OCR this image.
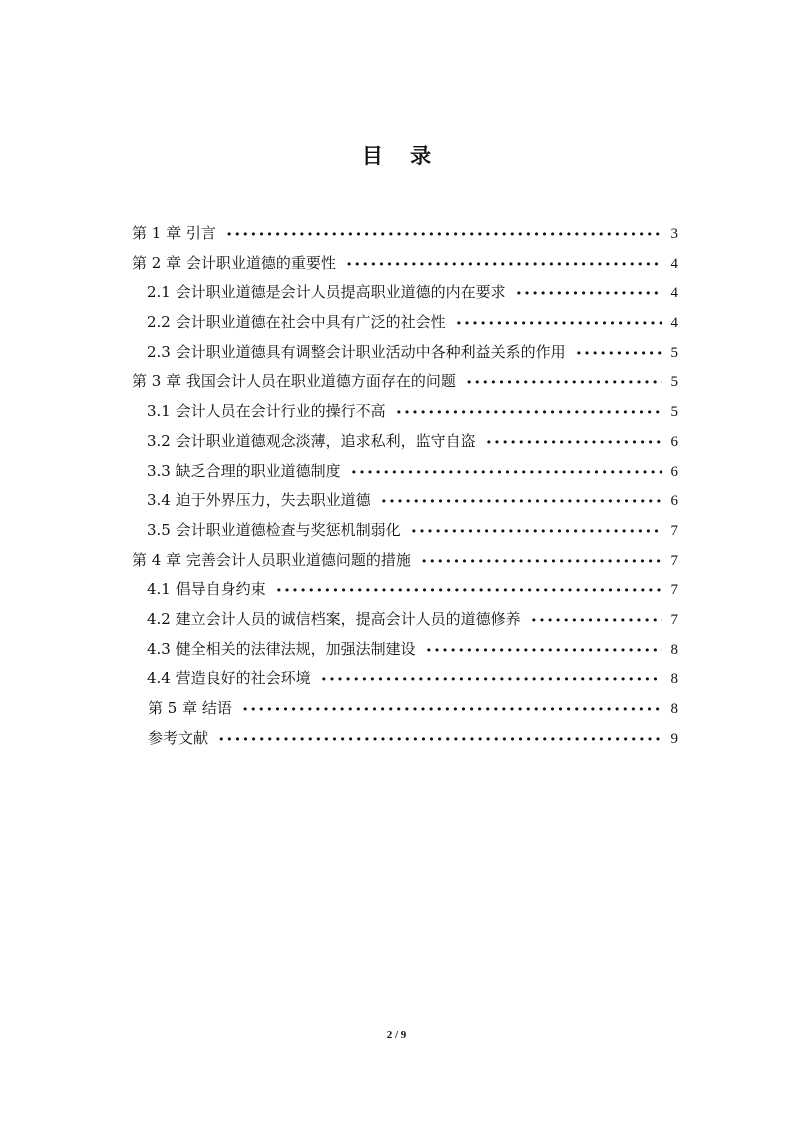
目 录
第 1 章 引言 •••••	3
第 2 章 会计职业道德的重要性 •••••	4
2.1 会计职业道德是会计人员提高职业道德的内在要求 •••••	4
2.2 会计职业道德在社会中具有广泛的社会性 •••••	4
2.3 会计职业道德具有调整会计职业活动中各种利益关系的作用 •••••	5
第 3 章 我国会计人员在职业道德方面存在的问题 •••••	5
3.1 会计人员在会计行业的操行不高 •••••	5
3.2 会计职业道德观念淡薄，追求私利，监守自盗 •••••	6
3.3 缺乏合理的职业道德制度 •••••	6
3.4 迫于外界压力，失去职业道德 •••••	6
3.5 会计职业道德检查与奖惩机制弱化 •••••	7
第 4 章 完善会计人员职业道德问题的措施 •••••	7
4.1 倡导自身约束 •••••	7
4.2 建立会计人员的诚信档案，提高会计人员的道德修养 •••••	7
4.3 健全相关的法律法规，加强法制建设 •••••	8
4.4 营造良好的社会环境 •••••	8
第 5 章 结语 •••••	8
参考文献 •••••	9
2 / 9
